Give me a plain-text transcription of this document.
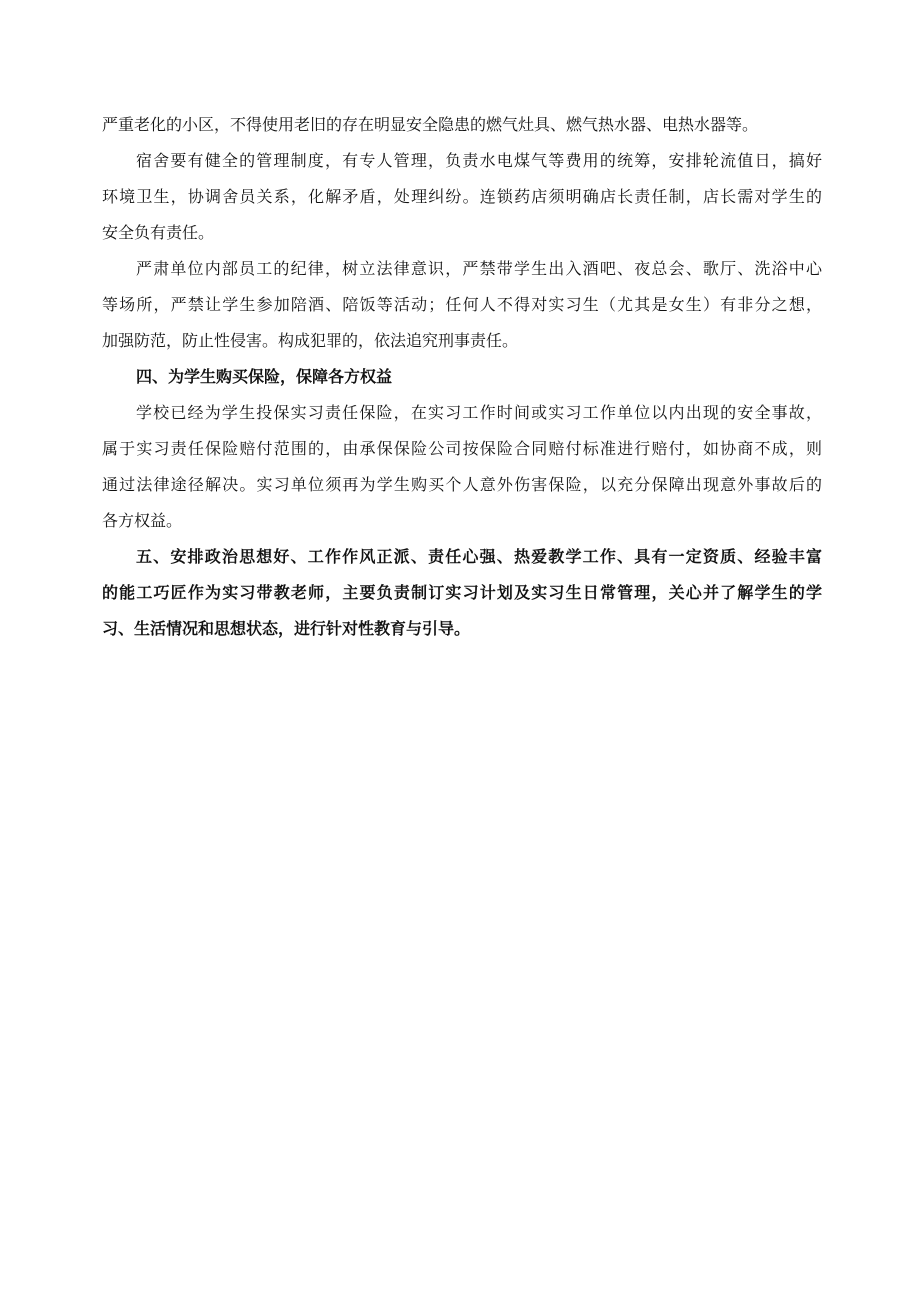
严重老化的小区，不得使用老旧的存在明显安全隐患的燃气灶具、燃气热水器、电热水器等。
宿舍要有健全的管理制度，有专人管理，负责水电煤气等费用的统筹，安排轮流值日，搞好
环境卫生，协调舍员关系，化解矛盾，处理纠纷。连锁药店须明确店长责任制，店长需对学生的
安全负有责任。
严肃单位内部员工的纪律，树立法律意识，严禁带学生出入酒吧、夜总会、歌厅、洗浴中心
等场所，严禁让学生参加陪酒、陪饭等活动；任何人不得对实习生（尤其是女生）有非分之想，
加强防范，防止性侵害。构成犯罪的，依法追究刑事责任。
四、为学生购买保险，保障各方权益
学校已经为学生投保实习责任保险，在实习工作时间或实习工作单位以内出现的安全事故，
属于实习责任保险赔付范围的，由承保保险公司按保险合同赔付标准进行赔付，如协商不成，则
通过法律途径解决。实习单位须再为学生购买个人意外伤害保险，以充分保障出现意外事故后的
各方权益。
五、安排政治思想好、工作作风正派、责任心强、热爱教学工作、具有一定资质、经验丰富
的能工巧匠作为实习带教老师，主要负责制订实习计划及实习生日常管理，关心并了解学生的学
习、生活情况和思想状态，进行针对性教育与引导。
